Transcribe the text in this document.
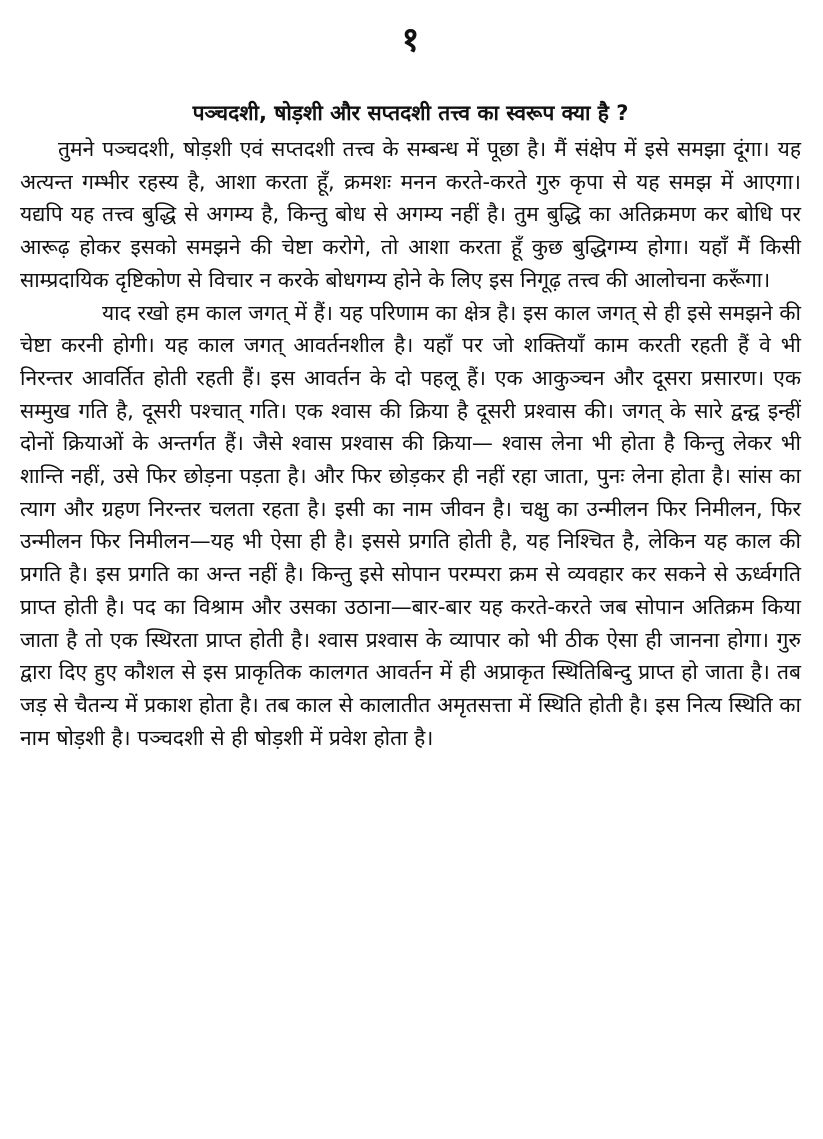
१
पञ्चदशी, षोड़शी और सप्तदशी तत्त्व का स्वरूप क्या है ?

तुमने पञ्चदशी, षोड़शी एवं सप्तदशी तत्त्व के सम्बन्ध में पूछा है। मैं संक्षेप में इसे समझा दूंगा। यह अत्यन्त गम्भीर रहस्य है, आशा करता हूँ, क्रमशः मनन करते-करते गुरु कृपा से यह समझ में आएगा। यद्यपि यह तत्त्व बुद्धि से अगम्य है, किन्तु बोध से अगम्य नहीं है। तुम बुद्धि का अतिक्रमण कर बोधि पर आरूढ़ होकर इसको समझने की चेष्टा करोगे, तो आशा करता हूँ कुछ बुद्धिगम्य होगा। यहाँ मैं किसी साम्प्रदायिक दृष्टिकोण से विचार न करके बोधगम्य होने के लिए इस निगूढ़ तत्त्व की आलोचना करूँगा।

याद रखो हम काल जगत् में हैं। यह परिणाम का क्षेत्र है। इस काल जगत् से ही इसे समझने की चेष्टा करनी होगी। यह काल जगत् आवर्तनशील है। यहाँ पर जो शक्तियाँ काम करती रहती हैं वे भी निरन्तर आवर्तित होती रहती हैं। इस आवर्तन के दो पहलू हैं। एक आकुञ्चन और दूसरा प्रसारण। एक सम्मुख गति है, दूसरी पश्चात् गति। एक श्वास की क्रिया है दूसरी प्रश्वास की। जगत् के सारे द्वन्द्व इन्हीं दोनों क्रियाओं के अन्तर्गत हैं। जैसे श्वास प्रश्वास की क्रिया— श्वास लेना भी होता है किन्तु लेकर भी शान्ति नहीं, उसे फिर छोड़ना पड़ता है। और फिर छोड़कर ही नहीं रहा जाता, पुनः लेना होता है। सांस का त्याग और ग्रहण निरन्तर चलता रहता है। इसी का नाम जीवन है। चक्षु का उन्मीलन फिर निमीलन, फिर उन्मीलन फिर निमीलन—यह भी ऐसा ही है। इससे प्रगति होती है, यह निश्चित है, लेकिन यह काल की प्रगति है। इस प्रगति का अन्त नहीं है। किन्तु इसे सोपान परम्परा क्रम से व्यवहार कर सकने से ऊर्ध्वगति प्राप्त होती है। पद का विश्राम और उसका उठाना—बार-बार यह करते-करते जब सोपान अतिक्रम किया जाता है तो एक स्थिरता प्राप्त होती है। श्वास प्रश्वास के व्यापार को भी ठीक ऐसा ही जानना होगा। गुरु द्वारा दिए हुए कौशल से इस प्राकृतिक कालगत आवर्तन में ही अप्राकृत स्थितिबिन्दु प्राप्त हो जाता है। तब जड़ से चैतन्य में प्रकाश होता है। तब काल से कालातीत अमृतसत्ता में स्थिति होती है। इस नित्य स्थिति का नाम षोड़शी है। पञ्चदशी से ही षोड़शी में प्रवेश होता है।
